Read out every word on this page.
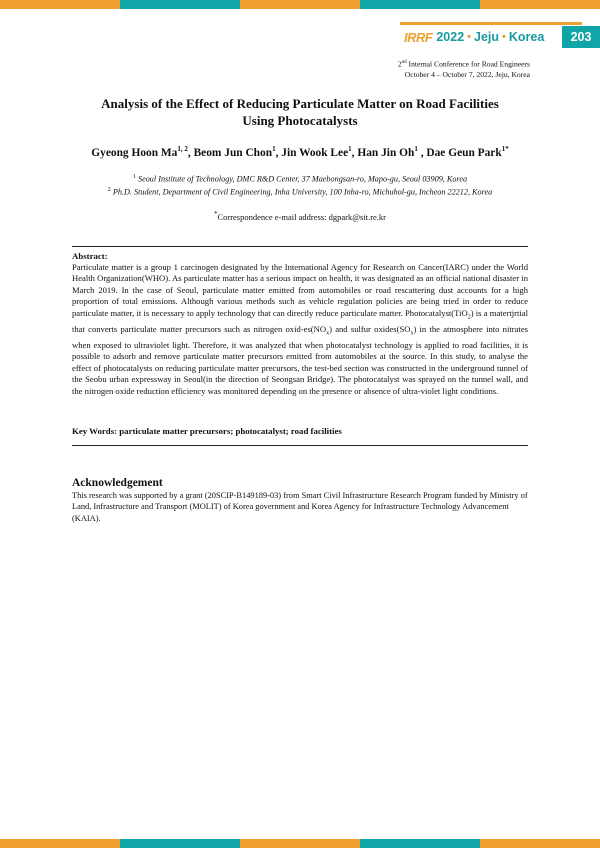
IRRF 2022 • Jeju • Korea	203
2nd Internal Conference for Road Engineers
October 4 – October 7, 2022, Jeju, Korea
Analysis of the Effect of Reducing Particulate Matter on Road Facilities
Using Photocatalysts
Gyeong Hoon Ma$^{1, 2}$, Beom Jun Chon$^1$, Jin Wook Lee$^1$, Han Jin Oh$^1$ , Dae Geun Park$^{1*}$
$^1$ Seoul Institute of Technology, DMC R&D Center, 37 Maebongsan-ro, Mapo-gu, Seoul 03909, Korea
$^2$ Ph.D. Student, Department of Civil Engineering, Inha University, 100 Inha-ro, Michuhol-gu, Incheon 22212, Korea
*Correspondence e-mail address: dgpark@sit.re.kr
Abstract:
Particulate matter is a group 1 carcinogen designated by the International Agency for Research on Cancer(IARC) under the World Health Organization(WHO). As particulate matter has a serious impact on health, it was designated as an official national disaster in March 2019. In the case of Seoul, particulate matter emitted from automobiles or road rescattering dust accounts for a high proportion of total emissions. Although various methods such as vehicle regulation policies are being tried in order to reduce particulate matter, it is necessary to apply technology that can directly reduce particulate matter. Photocatalyst(TiO$_2$) is a matertjrtial that converts particulate matter precursors such as nitrogen oxid-$es(NO_x)$ and sulfur $oxides(SO_x)$ in the atmosphere into nitrates when exposed to ultraviolet light. Therefore, it was analyzed that when photocatalyst technology is applied to road facilities, it is possible to adsorb and remove particulate matter precursors emitted from automobiles at the source. In this study, to analyse the effect of photocatalysts on reducing particulate matter precursors, the test-bed section was constructed in the underground tunnel of the Seobu urban expressway in Seoul(in the direction of Seongsan Bridge). The photocatalyst was sprayed on the tunnel wall, and the nitrogen oxide reduction efficiency was monitored depending on the presence or absence of ultra-violet light conditions.
Key Words: particulate matter precursors; photocatalyst; road facilities
Acknowledgement
This research was supported by a grant (20SCIP-B149189-03) from Smart Civil Infrastructure Research Program funded by Ministry of Land, Infrastructure and Transport (MOLIT) of Korea government and Korea Agency for Infrastructure Technology Advancement (KAIA).
